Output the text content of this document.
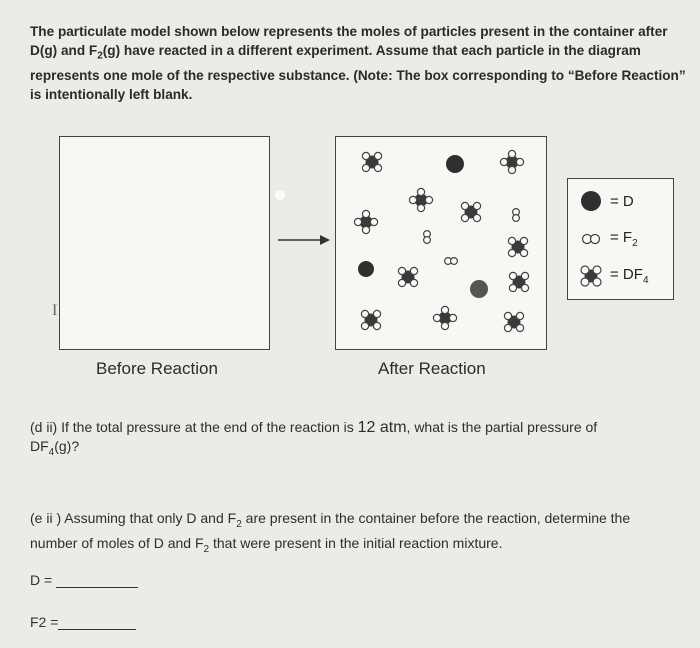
The particulate model shown below represents the moles of particles present in the container after
D(g) and $F_2(g)$ have reacted in a different experiment. Assume that each particle in the diagram
represents one mole of the respective substance. (Note: The box corresponding to “Before Reaction”
is intentionally left blank.
I
Before Reaction	After Reaction
= D
= $F_2$
= $DF_4$
(d ii) If the total pressure at the end of the reaction is 12 atm, what is the partial pressure of
$DF_4(g)$?
(e ii ) Assuming that only D and $F_2$ are present in the container before the reaction, determine the
number of moles of D and $F_2$ that were present in the initial reaction mixture.
D =
F2 =
